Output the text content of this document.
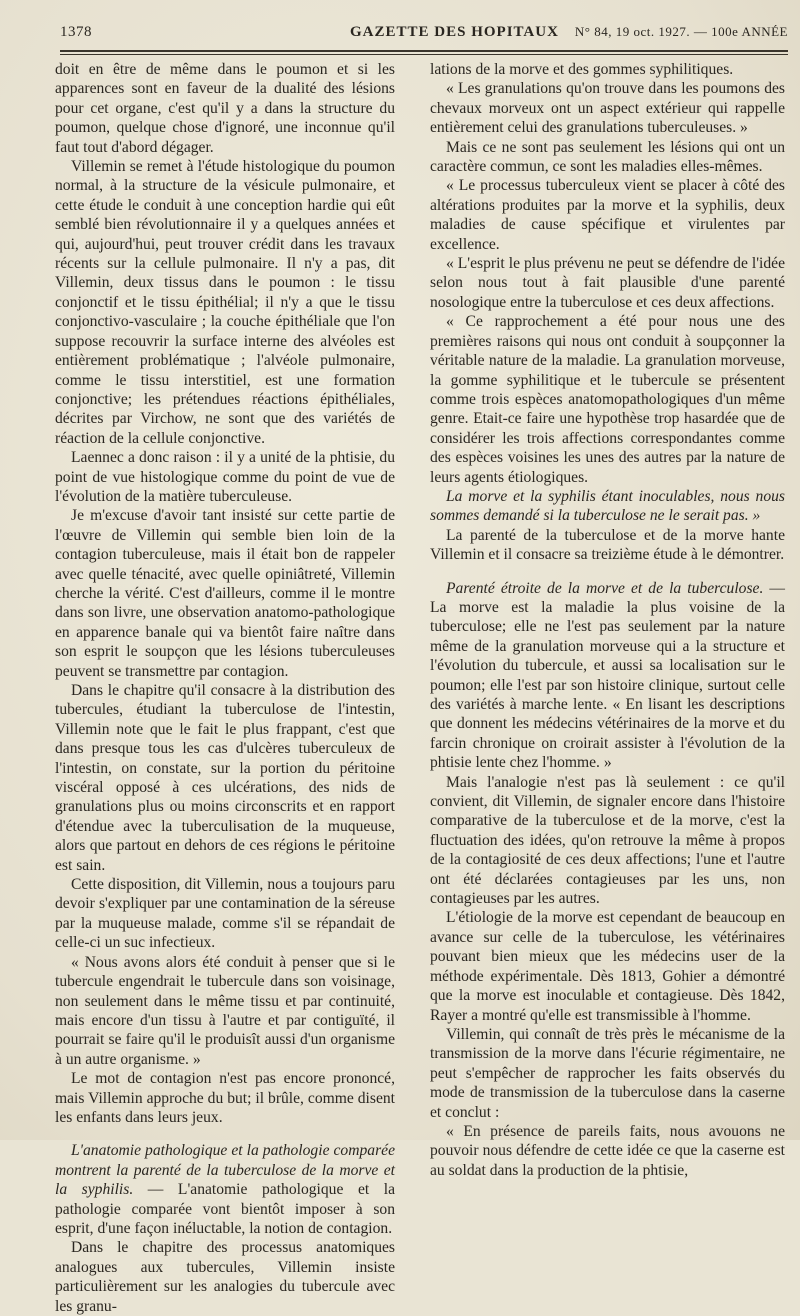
1378	GAZETTE DES HOPITAUX N° 84, 19 oct. 1927. — 100e ANNÉE

doit en être de même dans le poumon et si les apparences sont en faveur de la dualité des lésions pour cet organe, c'est qu'il y a dans la structure du poumon, quelque chose d'ignoré, une inconnue qu'il faut tout d'abord dégager.

Villemin se remet à l'étude histologique du poumon normal, à la structure de la vésicule pulmonaire, et cette étude le conduit à une conception hardie qui eût semblé bien révolutionnaire il y a quelques années et qui, aujourd'hui, peut trouver crédit dans les travaux récents sur la cellule pulmonaire. Il n'y a pas, dit Villemin, deux tissus dans le poumon : le tissu conjonctif et le tissu épithélial; il n'y a que le tissu conjonctivo-vasculaire ; la couche épithéliale que l'on suppose recouvrir la surface interne des alvéoles est entièrement problématique ; l'alvéole pulmonaire, comme le tissu interstitiel, est une formation conjonctive; les prétendues réactions épithéliales, décrites par Virchow, ne sont que des variétés de réaction de la cellule conjonctive.

Laennec a donc raison : il y a unité de la phtisie, du point de vue histologique comme du point de vue de l'évolution de la matière tuberculeuse.

Je m'excuse d'avoir tant insisté sur cette partie de l'œuvre de Villemin qui semble bien loin de la contagion tuberculeuse, mais il était bon de rappeler avec quelle ténacité, avec quelle opiniâtreté, Villemin cherche la vérité. C'est d'ailleurs, comme il le montre dans son livre, une observation anatomo-pathologique en apparence banale qui va bientôt faire naître dans son esprit le soupçon que les lésions tuberculeuses peuvent se transmettre par contagion.

Dans le chapitre qu'il consacre à la distribution des tubercules, étudiant la tuberculose de l'intestin, Villemin note que le fait le plus frappant, c'est que dans presque tous les cas d'ulcères tuberculeux de l'intestin, on constate, sur la portion du péritoine viscéral opposé à ces ulcérations, des nids de granulations plus ou moins circonscrits et en rapport d'étendue avec la tuberculisation de la muqueuse, alors que partout en dehors de ces régions le péritoine est sain.

Cette disposition, dit Villemin, nous a toujours paru devoir s'expliquer par une contamination de la séreuse par la muqueuse malade, comme s'il se répandait de celle-ci un suc infectieux.

« Nous avons alors été conduit à penser que si le tubercule engendrait le tubercule dans son voisinage, non seulement dans le même tissu et par continuité, mais encore d'un tissu à l'autre et par contiguïté, il pourrait se faire qu'il le produisît aussi d'un organisme à un autre organisme. »

Le mot de contagion n'est pas encore prononcé, mais Villemin approche du but; il brûle, comme disent les enfants dans leurs jeux.

L'anatomie pathologique et la pathologie comparée montrent la parenté de la tuberculose de la morve et la syphilis. — L'anatomie pathologique et la pathologie comparée vont bientôt imposer à son esprit, d'une façon inéluctable, la notion de contagion.

Dans le chapitre des processus anatomiques analogues aux tubercules, Villemin insiste particulièrement sur les analogies du tubercule avec les granu-

lations de la morve et des gommes syphilitiques.

« Les granulations qu'on trouve dans les poumons des chevaux morveux ont un aspect extérieur qui rappelle entièrement celui des granulations tuberculeuses. »

Mais ce ne sont pas seulement les lésions qui ont un caractère commun, ce sont les maladies elles-mêmes.

« Le processus tuberculeux vient se placer à côté des altérations produites par la morve et la syphilis, deux maladies de cause spécifique et virulentes par excellence.

« L'esprit le plus prévenu ne peut se défendre de l'idée selon nous tout à fait plausible d'une parenté nosologique entre la tuberculose et ces deux affections.

« Ce rapprochement a été pour nous une des premières raisons qui nous ont conduit à soupçonner la véritable nature de la maladie. La granulation morveuse, la gomme syphilitique et le tubercule se présentent comme trois espèces anatomopathologiques d'un même genre. Etait-ce faire une hypothèse trop hasardée que de considérer les trois affections correspondantes comme des espèces voisines les unes des autres par la nature de leurs agents étiologiques.

La morve et la syphilis étant inoculables, nous nous sommes demandé si la tuberculose ne le serait pas. »

La parenté de la tuberculose et de la morve hante Villemin et il consacre sa treizième étude à le démontrer.

Parenté étroite de la morve et de la tuberculose. — La morve est la maladie la plus voisine de la tuberculose; elle ne l'est pas seulement par la nature même de la granulation morveuse qui a la structure et l'évolution du tubercule, et aussi sa localisation sur le poumon; elle l'est par son histoire clinique, surtout celle des variétés à marche lente. « En lisant les descriptions que donnent les médecins vétérinaires de la morve et du farcin chronique on croirait assister à l'évolution de la phtisie lente chez l'homme. »

Mais l'analogie n'est pas là seulement : ce qu'il convient, dit Villemin, de signaler encore dans l'histoire comparative de la tuberculose et de la morve, c'est la fluctuation des idées, qu'on retrouve la même à propos de la contagiosité de ces deux affections; l'une et l'autre ont été déclarées contagieuses par les uns, non contagieuses par les autres.

L'étiologie de la morve est cependant de beaucoup en avance sur celle de la tuberculose, les vétérinaires pouvant bien mieux que les médecins user de la méthode expérimentale. Dès 1813, Gohier a démontré que la morve est inoculable et contagieuse. Dès 1842, Rayer a montré qu'elle est transmissible à l'homme.

Villemin, qui connaît de très près le mécanisme de la transmission de la morve dans l'écurie régimentaire, ne peut s'empêcher de rapprocher les faits observés du mode de transmission de la tuberculose dans la caserne et conclut :

« En présence de pareils faits, nous avouons ne pouvoir nous défendre de cette idée ce que la caserne est au soldat dans la production de la phtisie,
